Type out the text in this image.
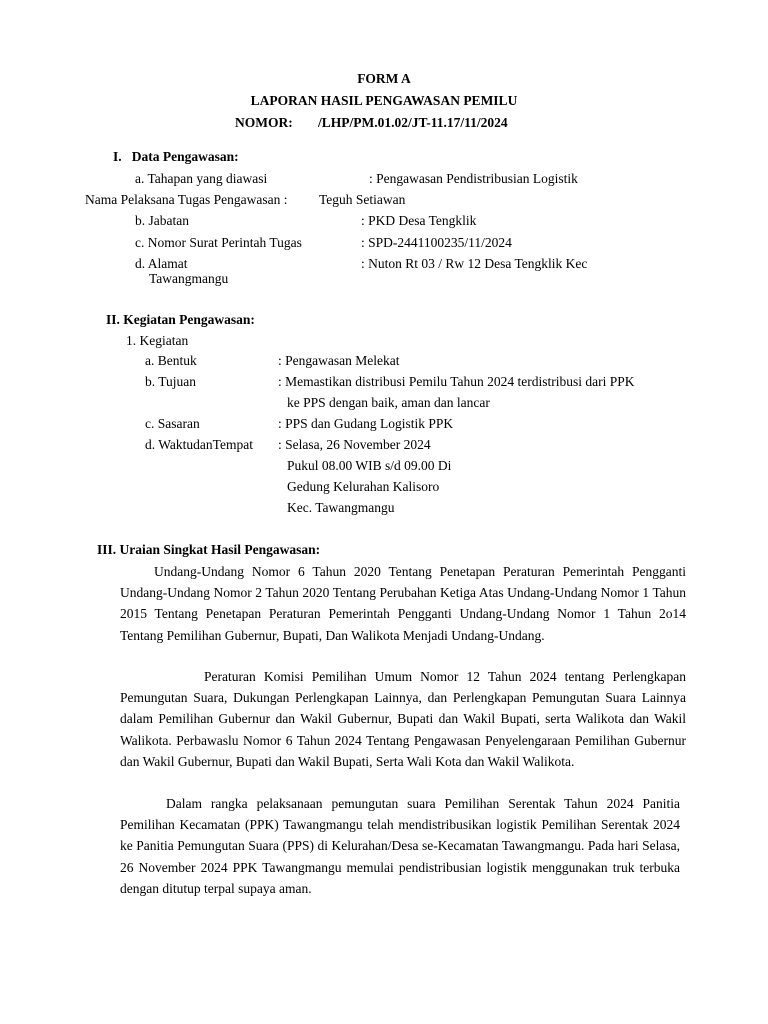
FORM A
LAPORAN HASIL PENGAWASAN PEMILU
NOMOR: /LHP/PM.01.02/JT-11.17/11/2024
I.   Data Pengawasan:
a. Tahapan yang diawasi	: Pengawasan Pendistribusian Logistik
Nama Pelaksana Tugas Pengawasan : Teguh Setiawan
b. Jabatan	: PKD Desa Tengklik
c. Nomor Surat Perintah Tugas	: SPD-2441100235/11/2024
d. Alamat	: Nuton Rt 03 / Rw 12 Desa Tengklik Kec
Tawangmangu
II. Kegiatan Pengawasan:
1. Kegiatan
a. Bentuk	: Pengawasan Melekat
b. Tujuan	: Memastikan distribusi Pemilu Tahun 2024 terdistribusi dari PPK
ke PPS dengan baik, aman dan lancar
c. Sasaran	: PPS dan Gudang Logistik PPK
d. WaktudanTempat : Selasa, 26 November 2024
Pukul 08.00 WIB s/d 09.00 Di
Gedung Kelurahan Kalisoro
Kec. Tawangmangu
III. Uraian Singkat Hasil Pengawasan:
Undang-Undang Nomor 6 Tahun 2020 Tentang Penetapan Peraturan Pemerintah Pengganti Undang-Undang Nomor 2 Tahun 2020 Tentang Perubahan Ketiga Atas Undang-Undang Nomor 1 Tahun 2015 Tentang Penetapan Peraturan Pemerintah Pengganti Undang-Undang Nomor 1 Tahun 2o14 Tentang Pemilihan Gubernur, Bupati, Dan Walikota Menjadi Undang-Undang.
Peraturan Komisi Pemilihan Umum Nomor 12 Tahun 2024 tentang Perlengkapan Pemungutan Suara, Dukungan Perlengkapan Lainnya, dan Perlengkapan Pemungutan Suara Lainnya dalam Pemilihan Gubernur dan Wakil Gubernur, Bupati dan Wakil Bupati, serta Walikota dan Wakil Walikota. Perbawaslu Nomor 6 Tahun 2024 Tentang Pengawasan Penyelengaraan Pemilihan Gubernur dan Wakil Gubernur, Bupati dan Wakil Bupati, Serta Wali Kota dan Wakil Walikota.
Dalam rangka pelaksanaan pemungutan suara Pemilihan Serentak Tahun 2024 Panitia Pemilihan Kecamatan (PPK) Tawangmangu telah mendistribusikan logistik Pemilihan Serentak 2024 ke Panitia Pemungutan Suara (PPS) di Kelurahan/Desa se-Kecamatan Tawangmangu. Pada hari Selasa, 26 November 2024 PPK Tawangmangu memulai pendistribusian logistik menggunakan truk terbuka dengan ditutup terpal supaya aman.
